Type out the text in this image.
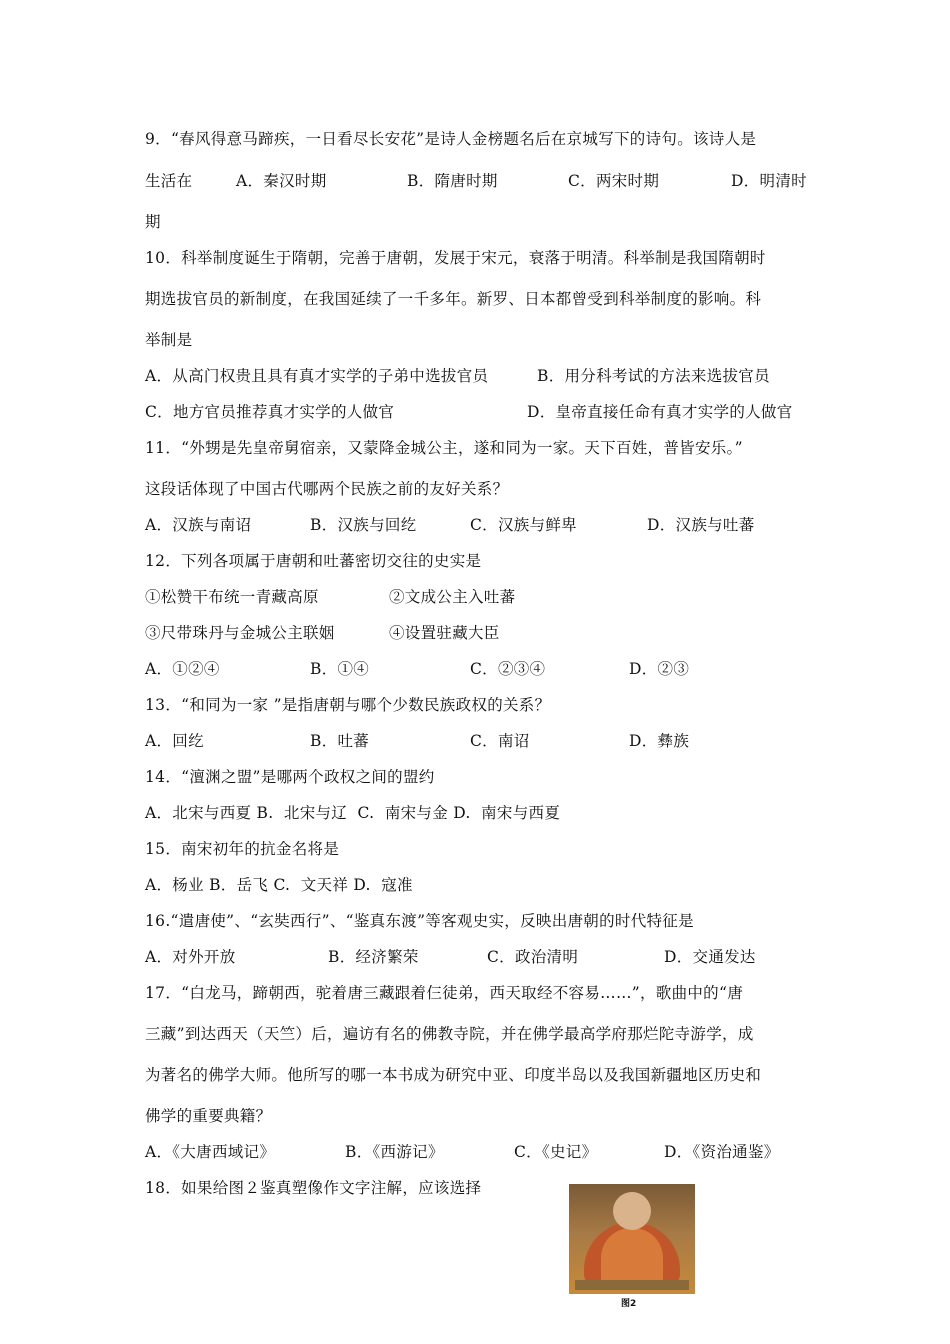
9．“春风得意马蹄疾，一日看尽长安花”是诗人金榜题名后在京城写下的诗句。该诗人是
生活在	A．秦汉时期	B．隋唐时期	C．两宋时期	D．明清时
期
10．科举制度诞生于隋朝，完善于唐朝，发展于宋元，衰落于明清。科举制是我国隋朝时
期选拔官员的新制度，在我国延续了一千多年。新罗、日本都曾受到科举制度的影响。科
举制是
A．从高门权贵且具有真才实学的子弟中选拔官员	B．用分科考试的方法来选拔官员
C．地方官员推荐真才实学的人做官	D．皇帝直接任命有真才实学的人做官
11．“外甥是先皇帝舅宿亲，又蒙降金城公主，遂和同为一家。天下百姓，普皆安乐。”
这段话体现了中国古代哪两个民族之前的友好关系？
A．汉族与南诏	B．汉族与回纥	C．汉族与鲜卑	D．汉族与吐蕃
12．下列各项属于唐朝和吐蕃密切交往的史实是
①松赞干布统一青藏高原	②文成公主入吐蕃
③尺带珠丹与金城公主联姻	④设置驻藏大臣
A．①②④	B．①④	C．②③④	D．②③
13．“和同为一家 ”是指唐朝与哪个少数民族政权的关系？
A．回纥	B．吐蕃	C．南诏	D．彝族
14．“澶渊之盟”是哪两个政权之间的盟约
A．北宋与西夏 B.  北宋与辽  C.  南宋与金 D.  南宋与西夏
15．南宋初年的抗金名将是
A．杨业 B．岳飞 C.  文天祥 D.  寇准
16.“遣唐使”、“玄奘西行”、“鉴真东渡”等客观史实，反映出唐朝的时代特征是
A．对外开放	B．经济繁荣	C．政治清明	D．交通发达
17．“白龙马，蹄朝西，驼着唐三藏跟着仨徒弟，西天取经不容易……”，歌曲中的“唐
三藏”到达西天（天竺）后，遍访有名的佛教寺院，并在佛学最高学府那烂陀寺游学，成
为著名的佛学大师。他所写的哪一本书成为研究中亚、印度半岛以及我国新疆地区历史和
佛学的重要典籍？
A．《大唐西域记》	B．《西游记》	C．《史记》	D．《资治通鉴》
18．如果给图２鉴真塑像作文字注解，应该选择
图2
